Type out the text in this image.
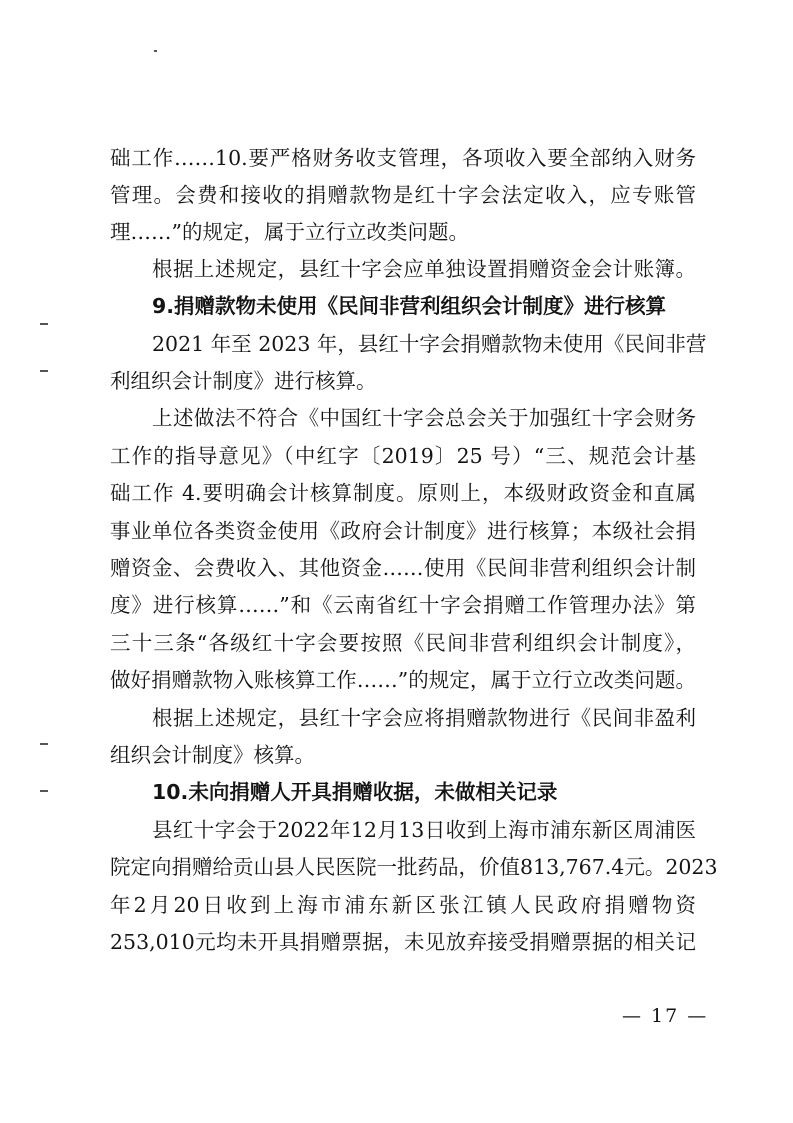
础工作……10.要严格财务收支管理，各项收入要全部纳入财务
管理。会费和接收的捐赠款物是红十字会法定收入，应专账管
理……”的规定，属于立行立改类问题。
根据上述规定，县红十字会应单独设置捐赠资金会计账簿。
9.捐赠款物未使用《民间非营利组织会计制度》进行核算
2021 年至 2023 年，县红十字会捐赠款物未使用《民间非营
利组织会计制度》进行核算。
上述做法不符合《中国红十字会总会关于加强红十字会财务
工作的指导意见》（中红字〔2019〕25 号）“三、规范会计基
础工作 4.要明确会计核算制度。原则上，本级财政资金和直属
事业单位各类资金使用《政府会计制度》进行核算；本级社会捐
赠资金、会费收入、其他资金……使用《民间非营利组织会计制
度》进行核算……”和《云南省红十字会捐赠工作管理办法》第
三十三条“各级红十字会要按照《民间非营利组织会计制度》，
做好捐赠款物入账核算工作……”的规定，属于立行立改类问题。
根据上述规定，县红十字会应将捐赠款物进行《民间非盈利
组织会计制度》核算。
10.未向捐赠人开具捐赠收据，未做相关记录
县红十字会于2022年12月13日收到上海市浦东新区周浦医
院定向捐赠给贡山县人民医院一批药品，价值813,767.4元。2023
年2月20日收到上海市浦东新区张江镇人民政府捐赠物资
253,010元均未开具捐赠票据，未见放弃接受捐赠票据的相关记
— 17 —
